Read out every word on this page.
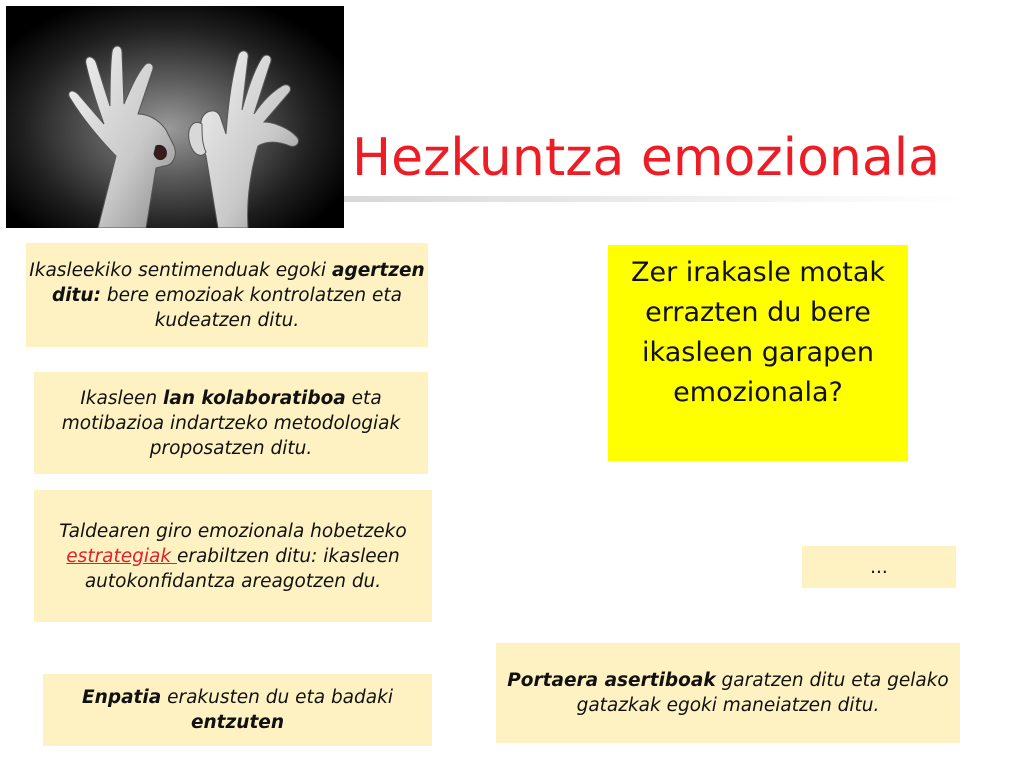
Hezkuntza emozionala

Zer irakasle motak errazten du bere ikasleen garapen emozionala?

Ikasleekiko sentimenduak egoki agertzen ditu: bere emozioak kontrolatzen eta kudeatzen ditu.

Ikasleen lan kolaboratiboa eta motibazioa indartzeko metodologiak proposatzen ditu.

Taldearen giro emozionala hobetzeko estrategiak erabiltzen ditu: ikasleen autokonfidantza areagotzen du.

Enpatia erakusten du eta badaki entzuten

Portaera asertiboak garatzen ditu eta gelako gatazkak egoki maneiatzen ditu.

...
